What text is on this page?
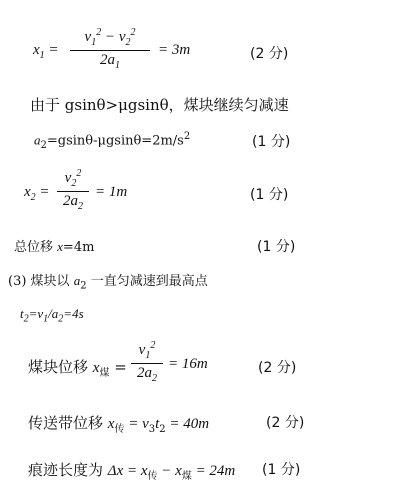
$x_1$ =
$v_1^2 - v_2^2$
$2a_1$
= 3m	(2 分)
由于 gsinθ>μgsinθ，煤块继续匀减速
$a_2=gsin\theta-\mu gsin\theta=2m/s^2$	(1 分)
$x_2$ =
$v_2^2$
$2a_2$
= 1m	(1 分)
总位移 x=4m	(1 分)
(3) 煤块以 $a_2$ 一直匀减速到最高点
$t_2=v_1/a_2=4s$
煤块位移 $x_煤$ =
$v_1^2$
$2a_2$
= 16m	(2 分)
传送带位移 $x_传 = v_3t_2 = 40m$	(2 分)
痕迹长度为 $\Delta x = x_传 - x_煤 = 24m$ (1 分)
